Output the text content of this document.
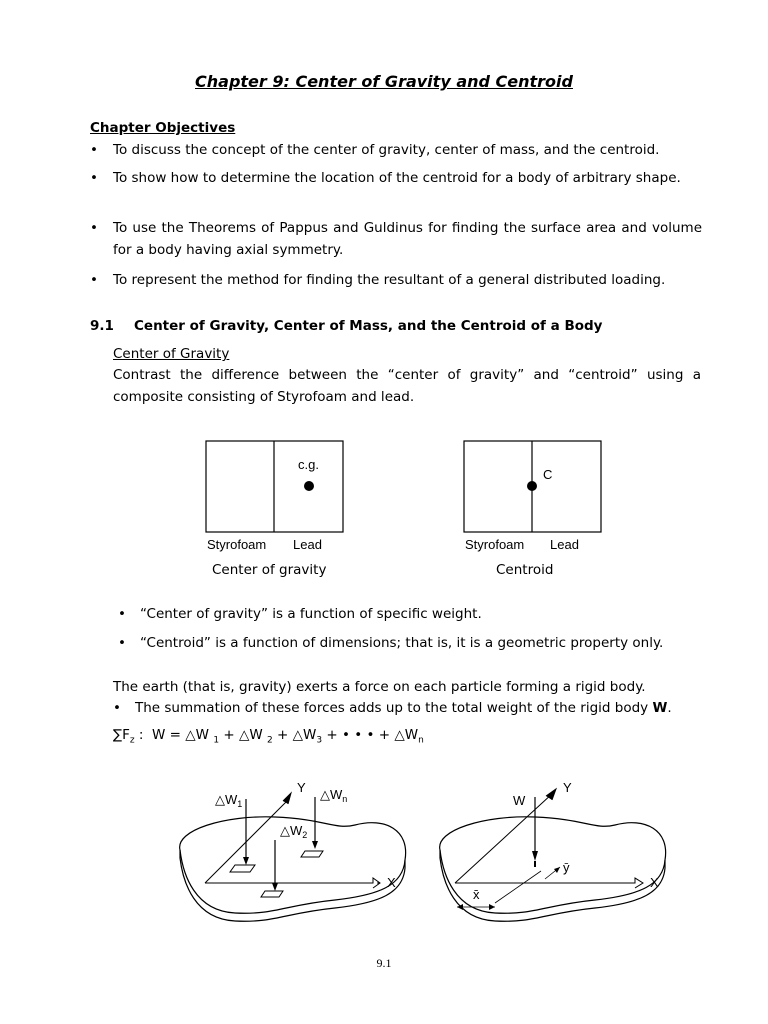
Chapter 9: Center of Gravity and Centroid
Chapter Objectives
• To discuss the concept of the center of gravity, center of mass, and the centroid.
• To show how to determine the location of the centroid for a body of arbitrary shape.
• To use the Theorems of Pappus and Guldinus for finding the surface area and volume for a body having axial symmetry.
• To represent the method for finding the resultant of a general distributed loading.
9.1 Center of Gravity, Center of Mass, and the Centroid of a Body
Center of Gravity
Contrast the difference between the “center of gravity” and “centroid” using a composite consisting of Styrofoam and lead.
c.g.
Styrofoam Lead
C
Styrofoam Lead
Center of gravity	Centroid
• “Center of gravity” is a function of specific weight.
• “Centroid” is a function of dimensions; that is, it is a geometric property only.
The earth (that is, gravity) exerts a force on each particle forming a rigid body.
• The summation of these forces adds up to the total weight of the rigid body W.
$\sum F_z$ :  W = △W $_1$ + △W $_2 + \triangle W_3$ + • • • + $\triangle W_n$
X
Y
$\triangle W_1$
$\triangle W_2$
$\triangle W_n$
X
Y
W
x̄
ȳ
9.1
